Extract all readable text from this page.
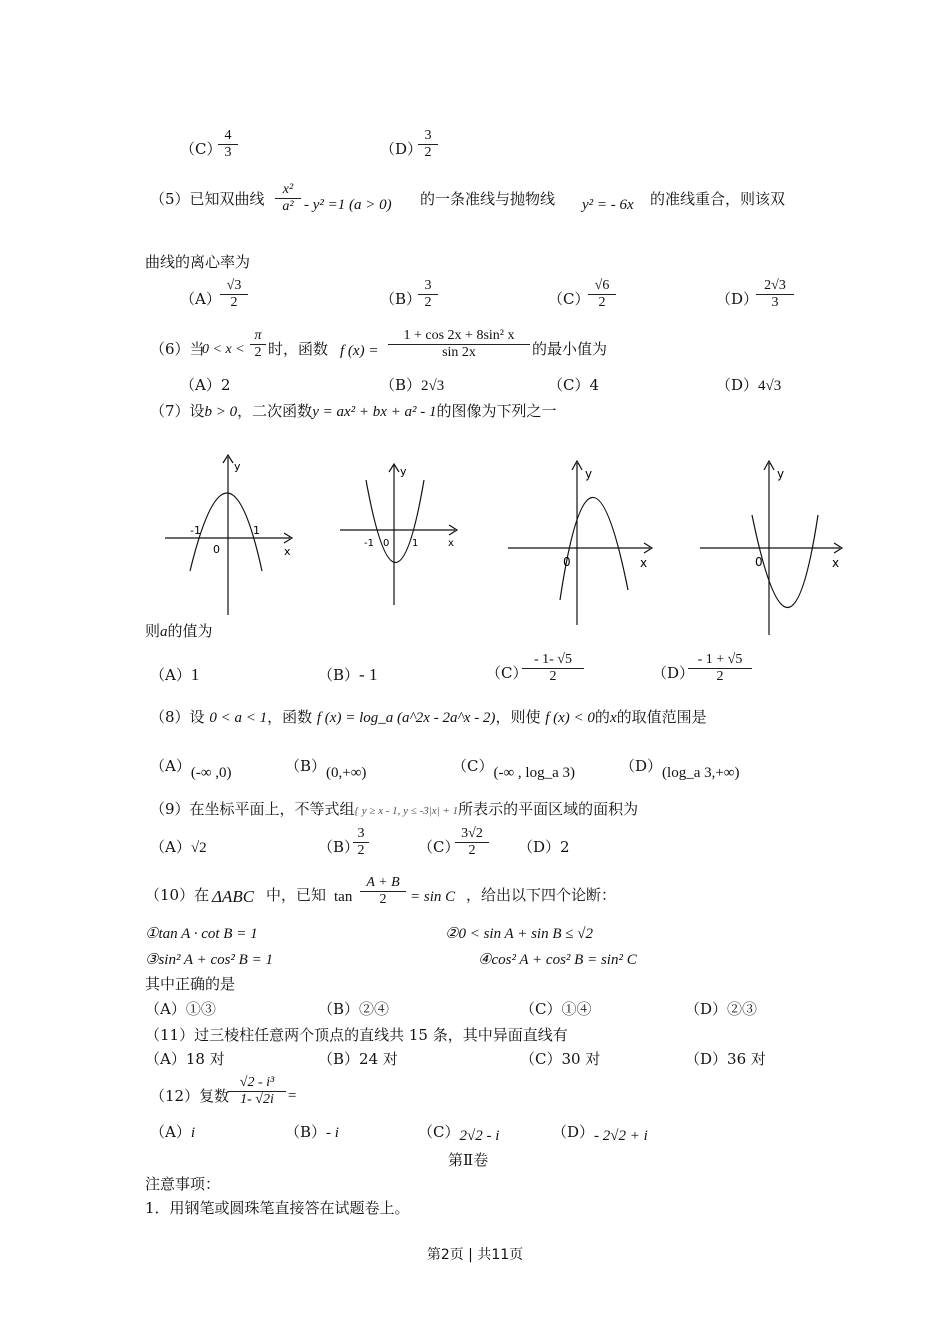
（C）
$\frac{4}{3}$	（D）
$\frac{3}{2}$
（5）已知双曲线 $\frac{\text{x²}}{\text{a²}} - y^2 =1$ (a > 0) 的一条准线与抛物线 y² = - 6x 的准线重合，则该双
曲线的离心率为
$(A) \frac{√3}{2}$	（B）
$\frac{3}{2}$	（C）
$\frac{√6}{2}$	（D）
$\frac{2√3}{3}$
（6）当
$0 < x < \frac{\pi}{2}$ 时，函数 f $(x) = \frac{\text{1 + cos 2x + 8sin² x}}{\sin 2x}$ 的最小值为
（A）2	（B）2√3	（C）4	（D）4√3
（7）设b > 0，二次函数y = ax² + bx + a² - 1的图像为下列之一
y
x
-1
0
1
y
x
-1 0 1
y
x
0
y
x
0
则a的值为
（A）1	（B）- 1	（C）
$\frac{- 1- √5}{2}$	（D）
$\frac{- 1 + √5}{2}$
（8）设 0 < a < 1，函数 f (x) = log_a (a^2x - 2a^x - 2)，则使 f (x) < 0的x的取值范围是
（A）(-∞ ,0)	（B）(0,+∞)	（C）(-∞ , log_a 3)	（D）(log_a 3,+∞)
（9）在坐标平面上，不等式组{ y ≥ x - 1, y ≤ -3|x| + 1所表示的平面区域的面积为
（A）√2	（B）
$\frac{3}{2}$	（C）
$\frac{3√2}{2} (D)2$
（10）在 ΔABC 中，已知 $\tan \frac{A + B}{2} = \sin C$ ，给出以下四个论断：
①tan A · cot B = 1	②0 < sin A + sin B ≤ √2
③sin² A + cos² B = 1	④cos² A + cos² B = sin² C
其中正确的是
（A）①③	（B）②④	（C）①④	（D）②③
（11）过三棱柱任意两个顶点的直线共 15 条，其中异面直线有
（A）18 对	（B）24 对	（C）30 对	（D）36 对
（12）复数
$\frac{\text{√2 - i³}}{1- √2i}$ =
（A）i	（B）- i	（C）2√2 - i	（D）- 2√2 + i
第Ⅱ卷
注意事项：
1．用钢笔或圆珠笔直接答在试题卷上。
第2页 | 共11页
